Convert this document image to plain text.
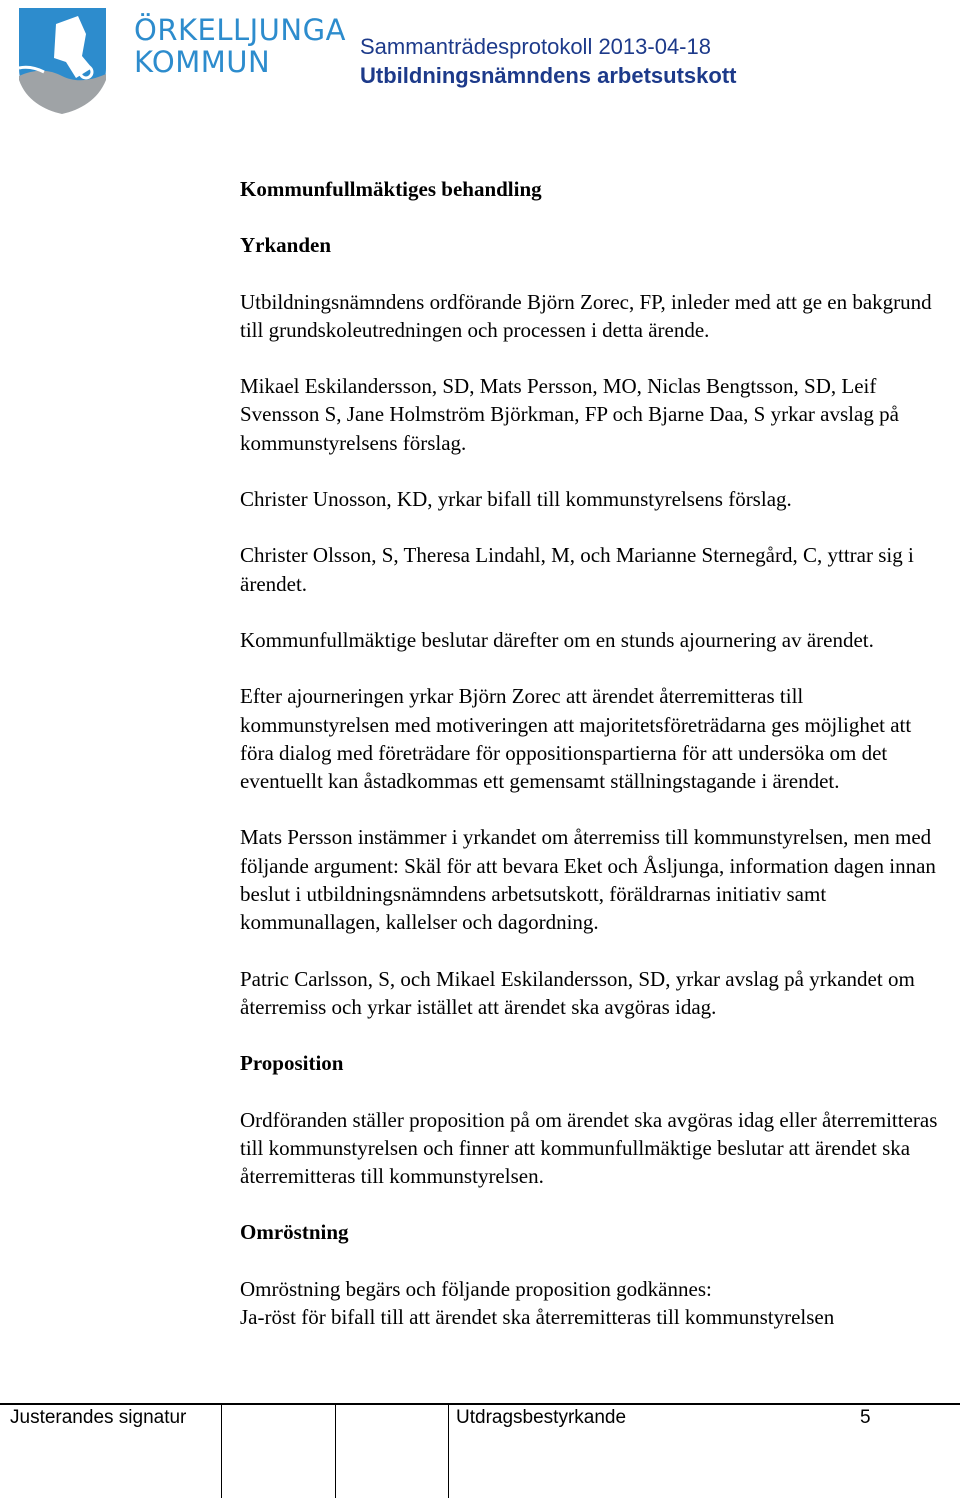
ÖRKELLJUNGA
KOMMUN	Sammanträdesprotokoll 2013-04-18
Utbildningsnämndens arbetsutskott
Kommunfullmäktiges behandling
Yrkanden

Utbildningsnämndens ordförande Björn Zorec, FP, inleder med att ge en bakgrund till grundskoleutredningen och processen i detta ärende.

Mikael Eskilandersson, SD, Mats Persson, MO, Niclas Bengtsson, SD, Leif Svensson S, Jane Holmström Björkman, FP och Bjarne Daa, S yrkar avslag på kommunstyrelsens förslag.

Christer Unosson, KD, yrkar bifall till kommunstyrelsens förslag.

Christer Olsson, S, Theresa Lindahl, M, och Marianne Sternegård, C, yttrar sig i ärendet.

Kommunfullmäktige beslutar därefter om en stunds ajournering av ärendet.

Efter ajourneringen yrkar Björn Zorec att ärendet återremitteras till kommunstyrelsen med motiveringen att majoritetsföreträdarna ges möjlighet att föra dialog med företrädare för oppositionspartierna för att undersöka om det eventuellt kan åstadkommas ett gemensamt ställningstagande i ärendet.

Mats Persson instämmer i yrkandet om återremiss till kommunstyrelsen, men med följande argument: Skäl för att bevara Eket och Åsljunga, information dagen innan beslut i utbildningsnämndens arbetsutskott, föräldrarnas initiativ samt kommunallagen, kallelser och dagordning.

Patric Carlsson, S, och Mikael Eskilandersson, SD, yrkar avslag på yrkandet om återremiss och yrkar istället att ärendet ska avgöras idag.

Proposition

Ordföranden ställer proposition på om ärendet ska avgöras idag eller återremitteras till kommunstyrelsen och finner att kommunfullmäktige beslutar att ärendet ska återremitteras till kommunstyrelsen.

Omröstning

Omröstning begärs och följande proposition godkännes:
Ja-röst för bifall till att ärendet ska återremitteras till kommunstyrelsen

Justerandes signatur	Utdragsbestyrkande	5
